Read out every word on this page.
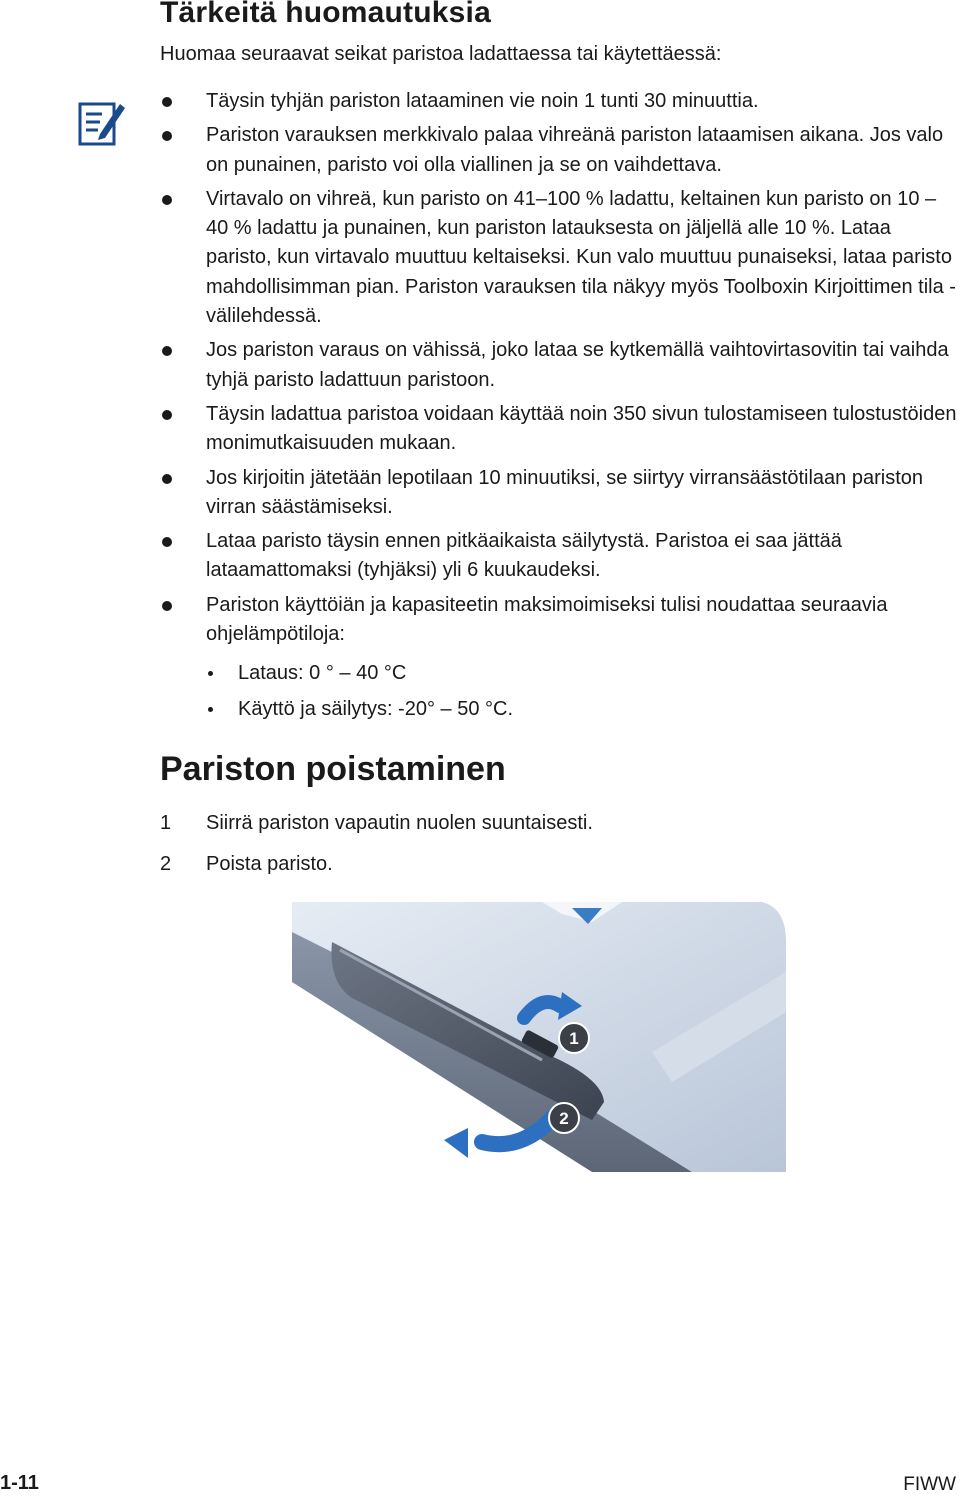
Tärkeitä huomautuksia

Huomaa seuraavat seikat paristoa ladattaessa tai käytettäessä:

Täysin tyhjän pariston lataaminen vie noin 1 tunti 30 minuuttia.
Pariston varauksen merkkivalo palaa vihreänä pariston lataamisen aikana. Jos valo on punainen, paristo voi olla viallinen ja se on vaihdettava.
Virtavalo on vihreä, kun paristo on 41–100 % ladattu, keltainen kun paristo on 10 – 40 % ladattu ja punainen, kun pariston latauksesta on jäljellä alle 10 %. Lataa paristo, kun virtavalo muuttuu keltaiseksi. Kun valo muuttuu punaiseksi, lataa paristo mahdollisimman pian. Pariston varauksen tila näkyy myös Toolboxin Kirjoittimen tila -välilehdessä.
Jos pariston varaus on vähissä, joko lataa se kytkemällä vaihtovirtasovitin tai vaihda tyhjä paristo ladattuun paristoon.
Täysin ladattua paristoa voidaan käyttää noin 350 sivun tulostamiseen tulostustöiden monimutkaisuuden mukaan.
Jos kirjoitin jätetään lepotilaan 10 minuutiksi, se siirtyy virransäästötilaan pariston virran säästämiseksi.
Lataa paristo täysin ennen pitkäaikaista säilytystä. Paristoa ei saa jättää lataamattomaksi (tyhjäksi) yli 6 kuukaudeksi.
Pariston käyttöiän ja kapasiteetin maksimoimiseksi tulisi noudattaa seuraavia ohjelämpötiloja:
Lataus: 0 ° – 40 °C
Käyttö ja säilytys: -20° – 50 °C.
Pariston poistaminen
1 Siirrä pariston vapautin nuolen suuntaisesti.
2 Poista paristo.
1
2

1-11	FIWW
